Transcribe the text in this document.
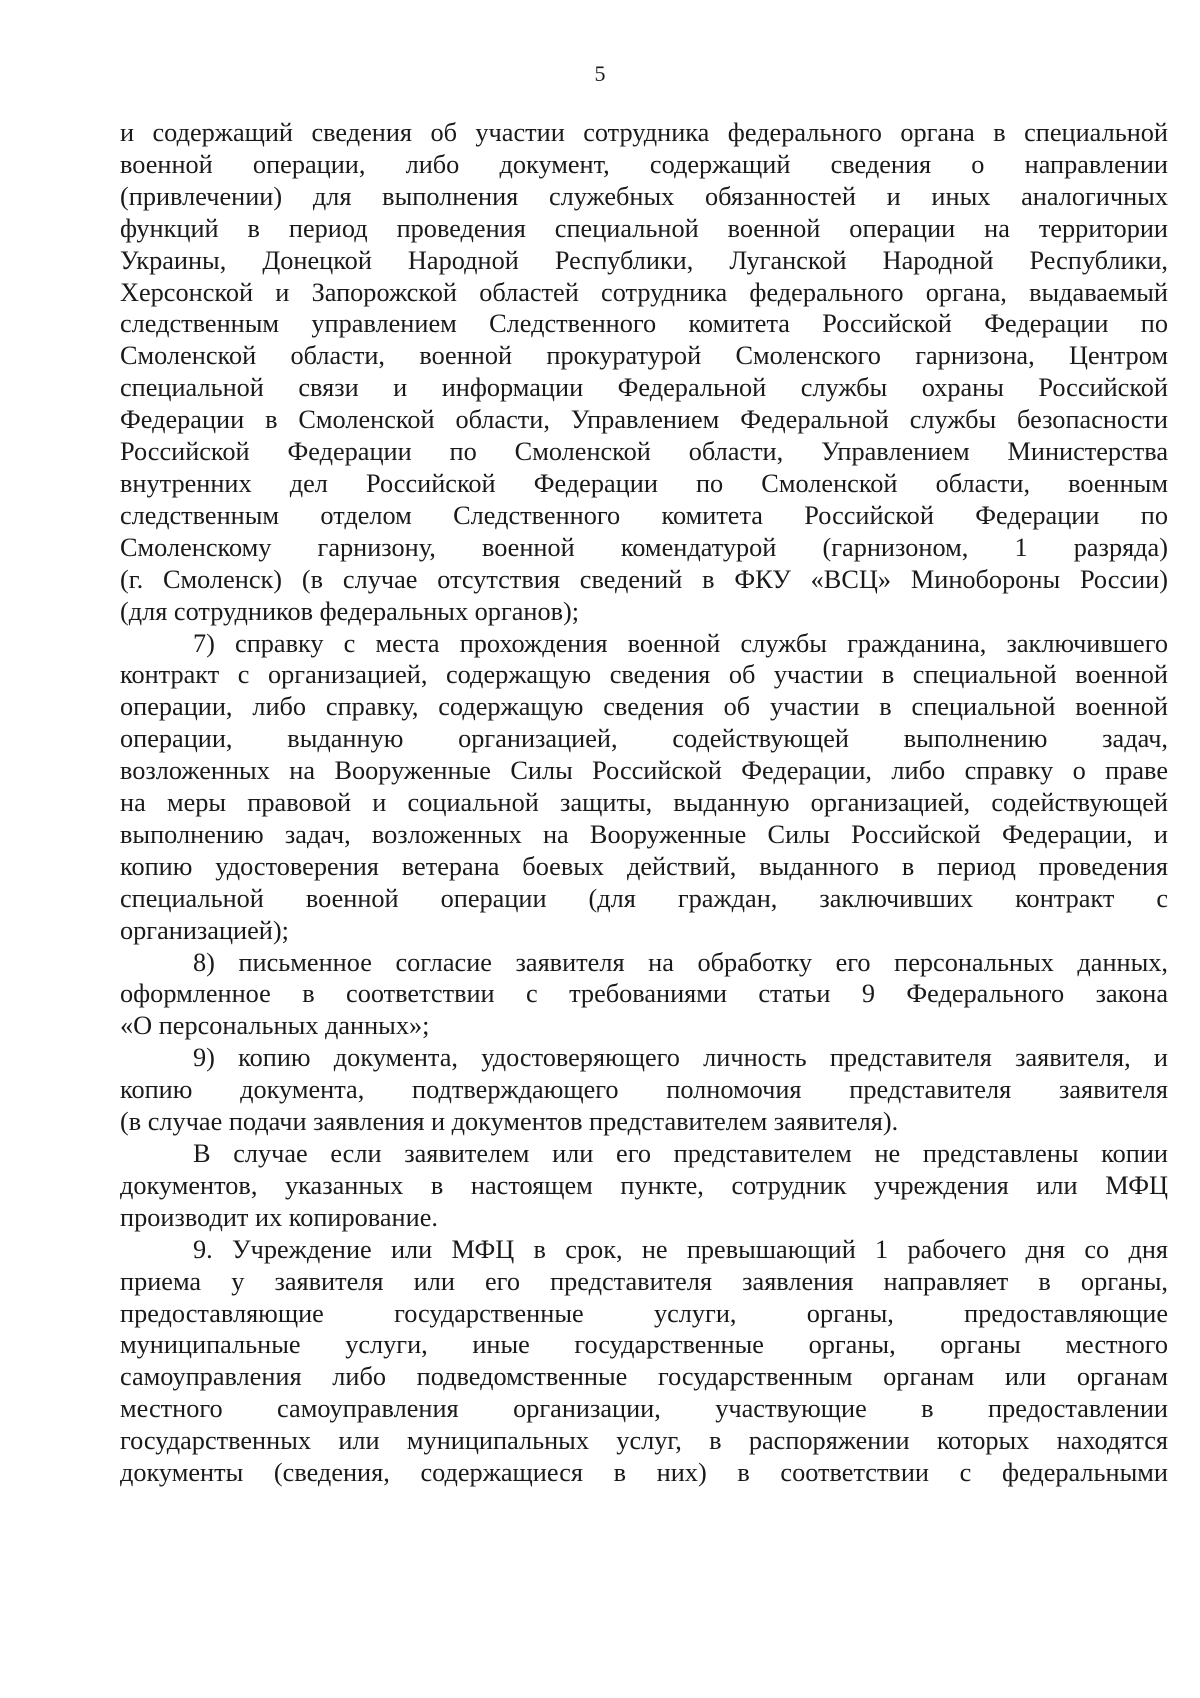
5
и содержащий сведения об участии сотрудника федерального органа в специальной
военной операции, либо документ, содержащий сведения о направлении
(привлечении) для выполнения служебных обязанностей и иных аналогичных
функций в период проведения специальной военной операции на территории
Украины, Донецкой Народной Республики, Луганской Народной Республики,
Херсонской и Запорожской областей сотрудника федерального органа, выдаваемый
следственным управлением Следственного комитета Российской Федерации по
Смоленской области, военной прокуратурой Смоленского гарнизона, Центром
специальной связи и информации Федеральной службы охраны Российской
Федерации в Смоленской области, Управлением Федеральной службы безопасности
Российской Федерации по Смоленской области, Управлением Министерства
внутренних дел Российской Федерации по Смоленской области, военным
следственным отделом Следственного комитета Российской Федерации по
Смоленскому гарнизону, военной комендатурой (гарнизоном, 1 разряда)
(г. Смоленск) (в случае отсутствия сведений в ФКУ «ВСЦ» Минобороны России)
(для сотрудников федеральных органов);
7) справку с места прохождения военной службы гражданина, заключившего
контракт с организацией, содержащую сведения об участии в специальной военной
операции, либо справку, содержащую сведения об участии в специальной военной
операции, выданную организацией, содействующей выполнению задач,
возложенных на Вооруженные Силы Российской Федерации, либо справку о праве
на меры правовой и социальной защиты, выданную организацией, содействующей
выполнению задач, возложенных на Вооруженные Силы Российской Федерации, и
копию удостоверения ветерана боевых действий, выданного в период проведения
специальной военной операции (для граждан, заключивших контракт с
организацией);
8) письменное согласие заявителя на обработку его персональных данных,
оформленное в соответствии с требованиями статьи 9 Федерального закона
«О персональных данных»;
9) копию документа, удостоверяющего личность представителя заявителя, и
копию документа, подтверждающего полномочия представителя заявителя
(в случае подачи заявления и документов представителем заявителя).
В случае если заявителем или его представителем не представлены копии
документов, указанных в настоящем пункте, сотрудник учреждения или МФЦ
производит их копирование.
9. Учреждение или МФЦ в срок, не превышающий 1 рабочего дня со дня
приема у заявителя или его представителя заявления направляет в органы,
предоставляющие государственные услуги, органы, предоставляющие
муниципальные услуги, иные государственные органы, органы местного
самоуправления либо подведомственные государственным органам или органам
местного самоуправления организации, участвующие в предоставлении
государственных или муниципальных услуг, в распоряжении которых находятся
документы (сведения, содержащиеся в них) в соответствии с федеральными
